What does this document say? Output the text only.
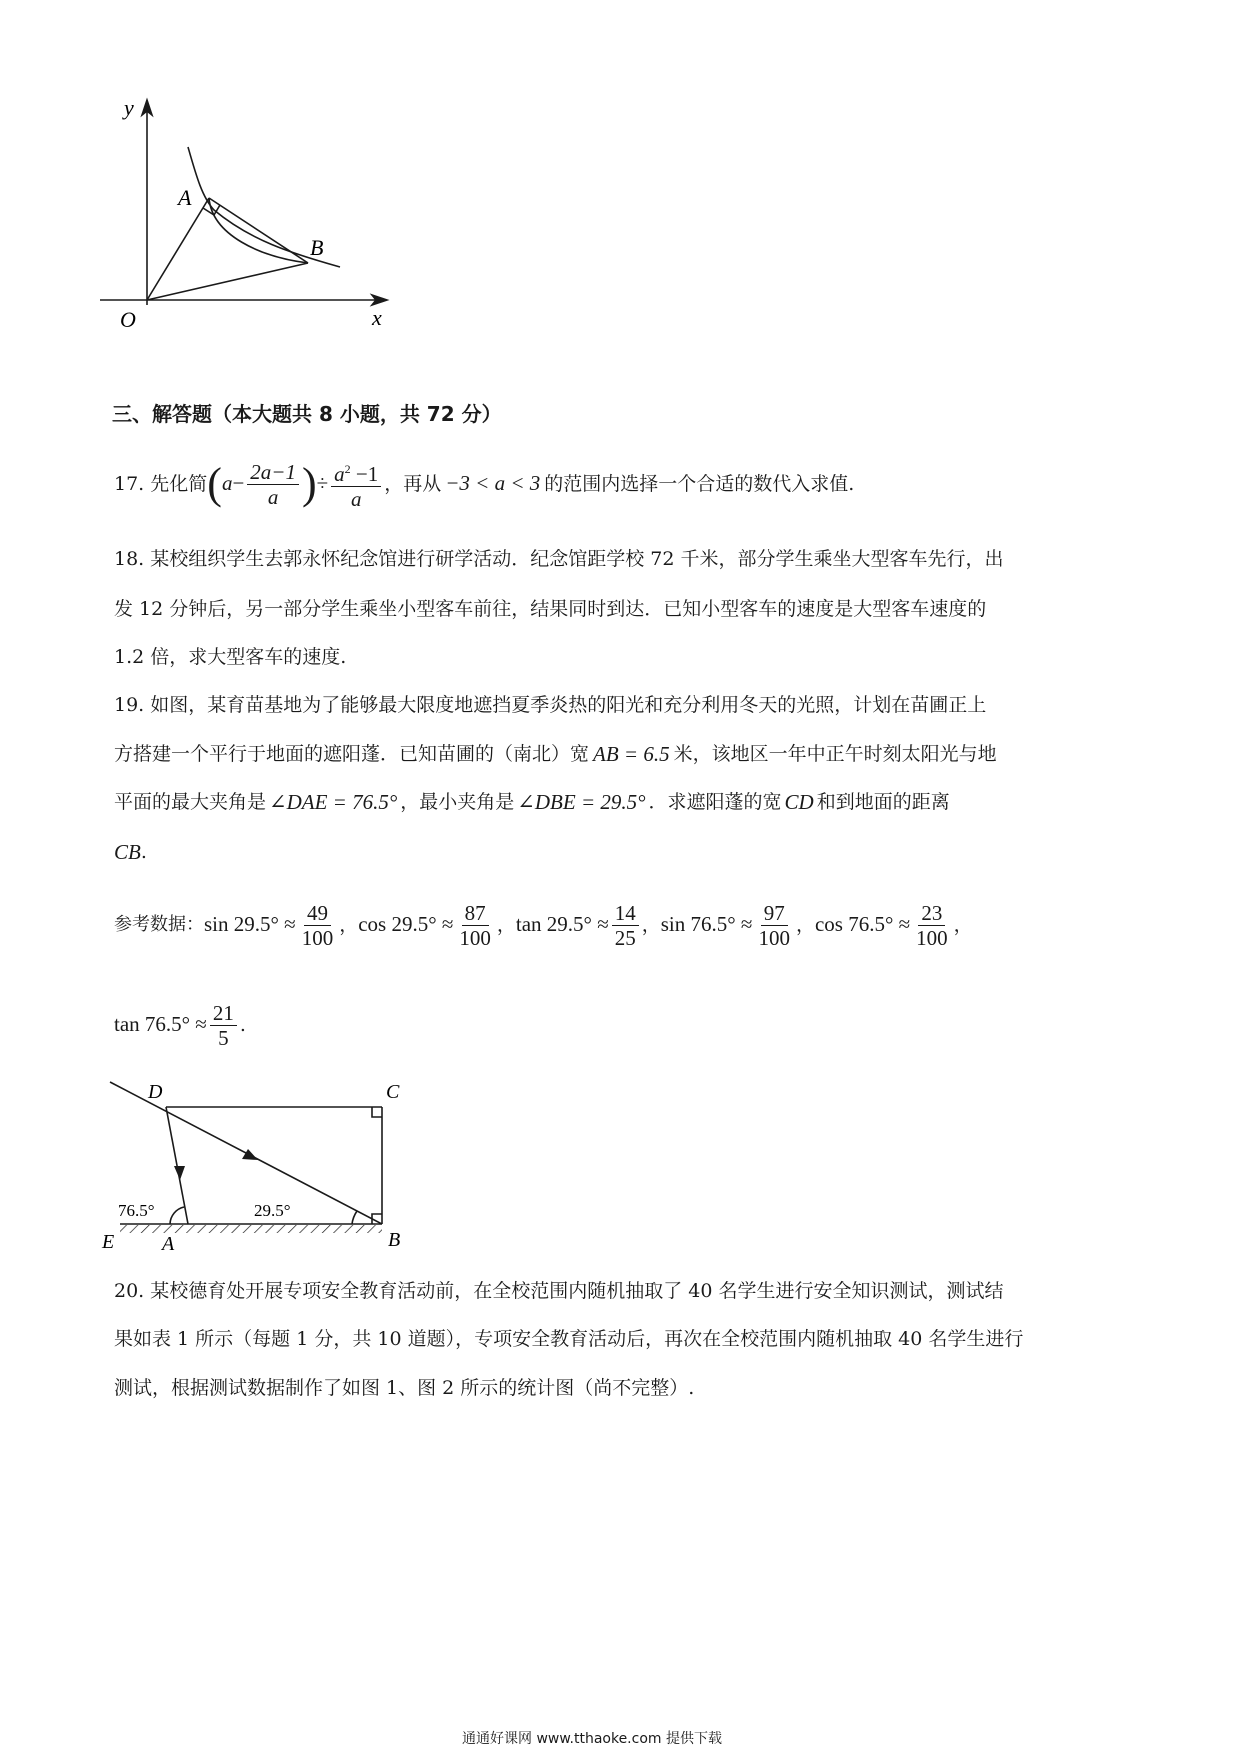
y
x
O
A
B
三、解答题（本大题共 8 小题，共 72 分）
17.
先化简 ( $a - \frac{2a-1}{a}$ ) ÷ $\frac{a^2 -1}{a}$ ，再从 −3 < a < 3 的范围内选择一个合适的数代入求值.
18. 某校组织学生去郭永怀纪念馆进行研学活动．纪念馆距学校 72 千米，部分学生乘坐大型客车先行，出
发 12 分钟后，另一部分学生乘坐小型客车前往，结果同时到达．已知小型客车的速度是大型客车速度的
1.2 倍，求大型客车的速度.
19. 如图，某育苗基地为了能够最大限度地遮挡夏季炎热的阳光和充分利用冬天的光照，计划在苗圃正上
方搭建一个平行于地面的遮阳蓬．已知苗圃的（南北）宽 AB = 6.5 米，该地区一年中正午时刻太阳光与地
平面的最大夹角是 ∠DAE = 76.5° ，最小夹角是 ∠DBE = 29.5° ．求遮阳蓬的宽 CD 和到地面的距离
CB .
参考数据： $\sin 29.5^\circ \approx \frac{49}{100}$ ， $\cos 29.5^\circ \approx \frac{87}{100}$ ， $\tan 29.5^\circ \approx \frac{14}{25}$ ， $\sin 76.5^\circ \approx \frac{97}{100}$ ， $\cos 76.5^\circ \approx \frac{23}{100}$ ，
$\tan 76.5^\circ \approx \frac{21}{5}$ .
D	C
E A	B
76.5°	29.5°
20. 某校德育处开展专项安全教育活动前，在全校范围内随机抽取了 40 名学生进行安全知识测试，测试结
果如表 1 所示（每题 1 分，共 10 道题），专项安全教育活动后，再次在全校范围内随机抽取 40 名学生进行
测试，根据测试数据制作了如图 1、图 2 所示的统计图（尚不完整）.
通通好课网 www.tthaoke.com 提供下载
